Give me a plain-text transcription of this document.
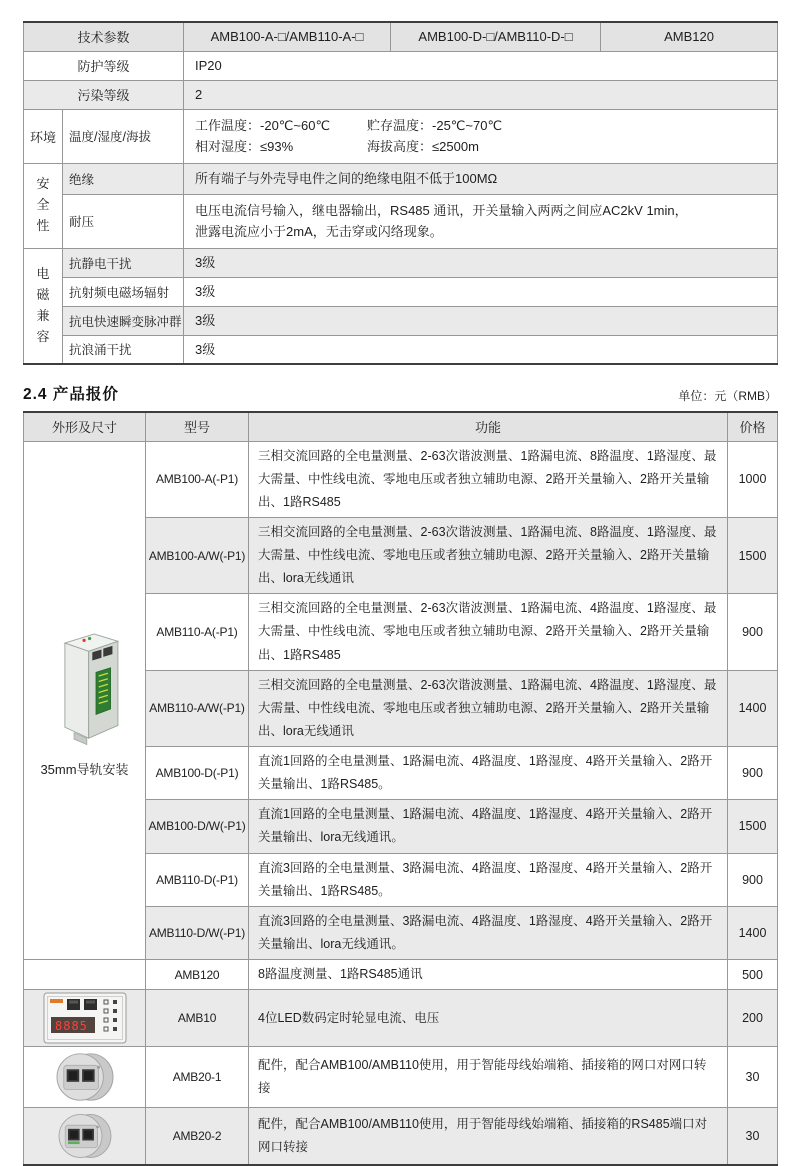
技术参数		AMB100-A-□/AMB110-A-□	AMB100-D-□/AMB110-D-□	AMB120
防护等级		IP20		
污染等级		2		
环境	温度/湿度/海拔	工作温度：-20℃~60℃ 贮存温度：-25℃~70℃
相对湿度：≤93% 海拔高度：≤2500m		

安全性	绝缘	所有端子与外壳导电件之间的绝缘电阻不低于100MΩ		
	耐压	电压电流信号输入，继电器输出，RS485 通讯，开关量输入两两之间应AC2kV 1min，
泄露电流应小于2mA，无击穿或闪络现象。		

电磁兼容	抗静电干扰	3级		
	抗射频电磁场辐射	3级		
	抗电快速瞬变脉冲群	3级		
	抗浪涌干扰	3级		
2.4 产品报价	单位：元（RMB）
外形及尺寸	型号	功能	价格

35mm导轨安装	AMB100-A(-P1)	三相交流回路的全电量测量、2-63次谐波测量、1路漏电流、8路温度、1路湿度、最大需量、中性线电流、零地电压或者独立辅助电源、2路开关量输入、2路开关量输出、1路RS485	1000
	AMB100-A/W(-P1)	三相交流回路的全电量测量、2-63次谐波测量、1路漏电流、8路温度、1路湿度、最大需量、中性线电流、零地电压或者独立辅助电源、2路开关量输入、2路开关量输出、lora无线通讯	1500
	AMB110-A(-P1)	三相交流回路的全电量测量、2-63次谐波测量、1路漏电流、4路温度、1路湿度、最大需量、中性线电流、零地电压或者独立辅助电源、2路开关量输入、2路开关量输出、1路RS485	900
	AMB110-A/W(-P1)	三相交流回路的全电量测量、2-63次谐波测量、1路漏电流、4路温度、1路湿度、最大需量、中性线电流、零地电压或者独立辅助电源、2路开关量输入、2路开关量输出、lora无线通讯	1400
	AMB100-D(-P1)	直流1回路的全电量测量、1路漏电流、4路温度、1路湿度、4路开关量输入、2路开关量输出、1路RS485。	900
	AMB100-D/W(-P1)	直流1回路的全电量测量、1路漏电流、4路温度、1路湿度、4路开关量输入、2路开关量输出、lora无线通讯。	1500
	AMB110-D(-P1)	直流3回路的全电量测量、3路漏电流、4路温度、1路湿度、4路开关量输入、2路开关量输出、1路RS485。	900
	AMB110-D/W(-P1)	直流3回路的全电量测量、3路漏电流、4路温度、1路湿度、4路开关量输入、2路开关量输出、lora无线通讯。	1400
	AMB120	8路温度测量、1路RS485通讯	500

8885	AMB10	4位LED数码定时轮显电流、电压	200

	AMB20-1	配件，配合AMB100/AMB110使用，用于智能母线始端箱、插接箱的网口对网口转接	30

	AMB20-2	配件，配合AMB100/AMB110使用，用于智能母线始端箱、插接箱的RS485端口对网口转接	30
